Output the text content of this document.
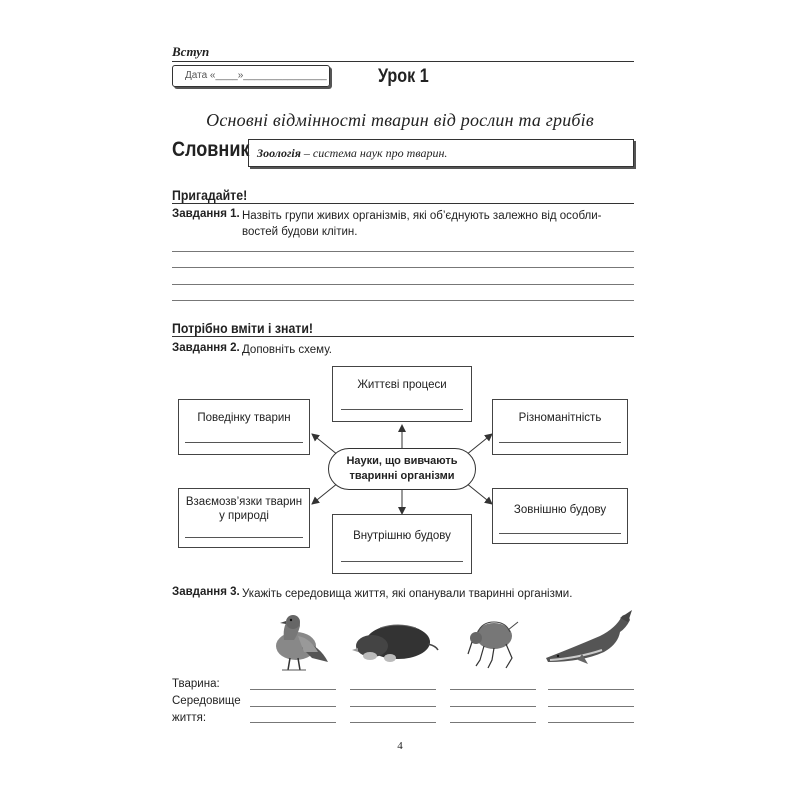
Вступ
Дата «____»_______________	Урок 1
Основні відмінності тварин від рослин та грибів
Словник Зоологія – система наук про тварин.
Пригадайте!
Завдання 1. Назвіть групи живих організмів, які об’єднують залежно від особли-
востей будови клітин.
Потрібно вміти і знати!
Завдання 2. Доповніть схему.
Життєві процеси
Поведінку тварин	Різноманітність
Науки, що вивчають
тваринні організми
Взаємозв’язки тварин
у природі	Зовнішню будову
Внутрішню будову
Завдання 3. Укажіть середовища життя, які опанували тваринні організми.
Тварина:
Середовище
життя:
4
